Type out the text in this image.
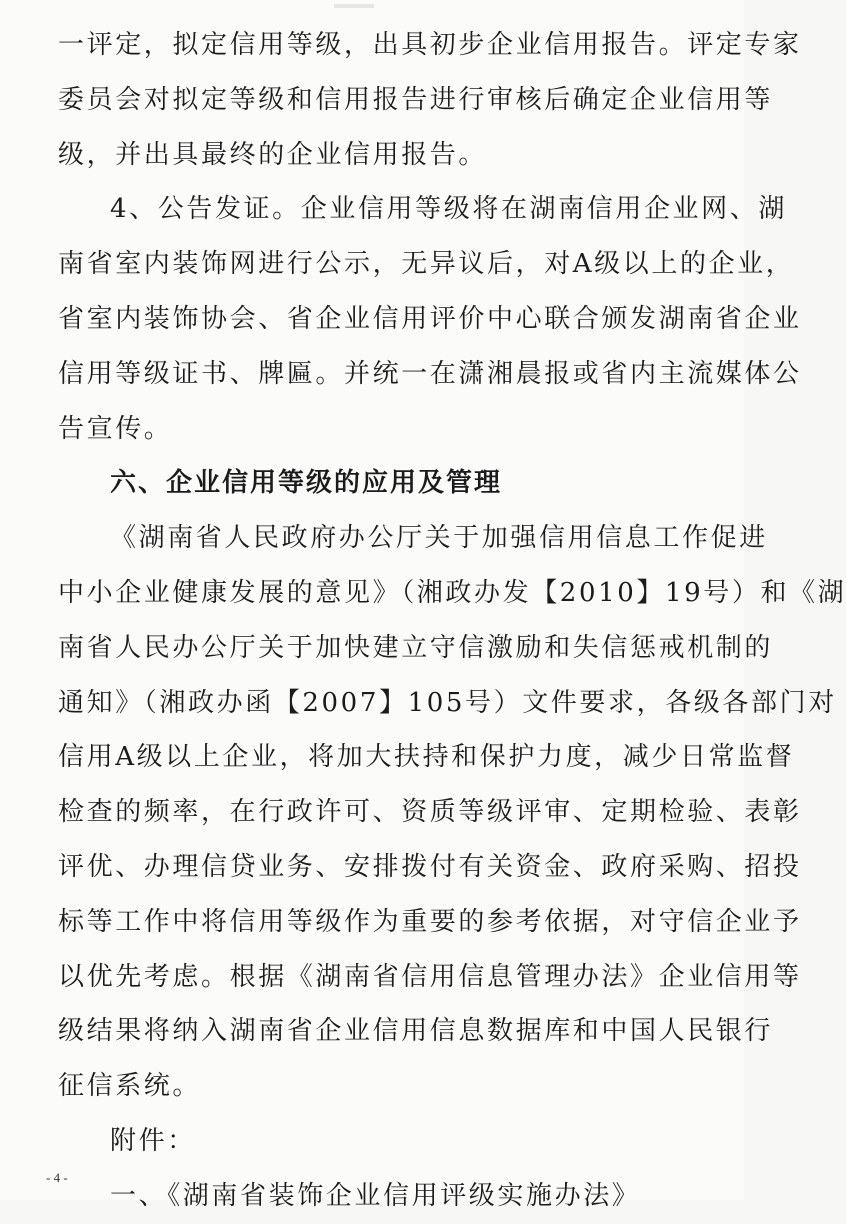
一评定，拟定信用等级，出具初步企业信用报告。评定专家
委员会对拟定等级和信用报告进行审核后确定企业信用等
级，并出具最终的企业信用报告。
4、公告发证。企业信用等级将在湖南信用企业网、湖
南省室内装饰网进行公示，无异议后，对A级以上的企业，
省室内装饰协会、省企业信用评价中心联合颁发湖南省企业
信用等级证书、牌匾。并统一在潇湘晨报或省内主流媒体公
告宣传。
六、企业信用等级的应用及管理
《湖南省人民政府办公厅关于加强信用信息工作促进
中小企业健康发展的意见》（湘政办发【2010】19号）和《湖
南省人民办公厅关于加快建立守信激励和失信惩戒机制的
通知》（湘政办函【2007】105号）文件要求，各级各部门对
信用A级以上企业，将加大扶持和保护力度，减少日常监督
检查的频率，在行政许可、资质等级评审、定期检验、表彰
评优、办理信贷业务、安排拨付有关资金、政府采购、招投
标等工作中将信用等级作为重要的参考依据，对守信企业予
以优先考虑。根据《湖南省信用信息管理办法》企业信用等
级结果将纳入湖南省企业信用信息数据库和中国人民银行
征信系统。
附件：
一、《湖南省装饰企业信用评级实施办法》
- 4 -
